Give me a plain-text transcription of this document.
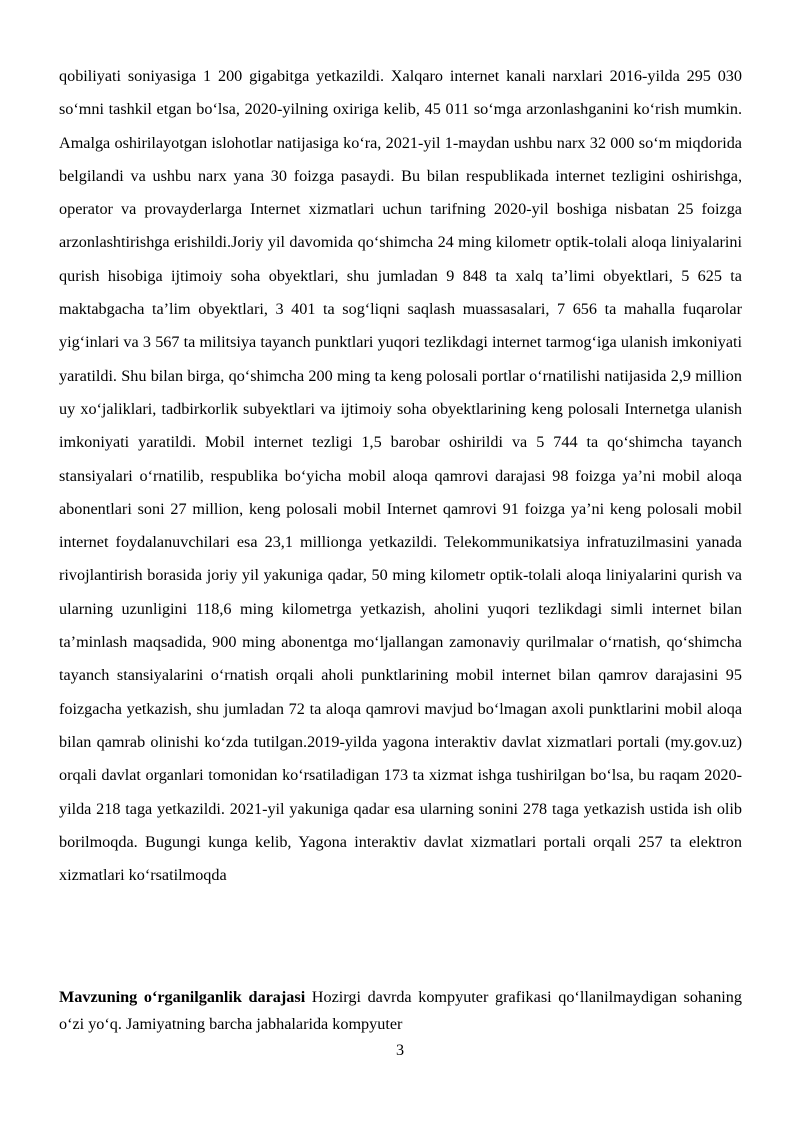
qobiliyati soniyasiga 1 200 gigabitga yetkazildi. Xalqaro internet kanali narxlari 2016-yilda 295 030 so‘mni tashkil etgan bo‘lsa, 2020-yilning oxiriga kelib, 45 011 so‘mga arzonlashganini ko‘rish mumkin. Amalga oshirilayotgan islohotlar natijasiga ko‘ra, 2021-yil 1-maydan ushbu narx 32 000 so‘m miqdorida belgilandi va ushbu narx yana 30 foizga pasaydi. Bu bilan respublikada internet tezligini oshirishga, operator va provayderlarga Internet xizmatlari uchun tarifning 2020-yil boshiga nisbatan 25 foizga arzonlashtirishga erishildi.Joriy yil davomida qo‘shimcha 24 ming kilometr optik-tolali aloqa liniyalarini qurish hisobiga ijtimoiy soha obyektlari, shu jumladan 9 848 ta xalq ta’limi obyektlari, 5 625 ta maktabgacha ta’lim obyektlari, 3 401 ta sog‘liqni saqlash muassasalari, 7 656 ta mahalla fuqarolar yig‘inlari va 3 567 ta militsiya tayanch punktlari yuqori tezlikdagi internet tarmog‘iga ulanish imkoniyati yaratildi. Shu bilan birga, qo‘shimcha 200 ming ta keng polosali portlar o‘rnatilishi natijasida 2,9 million uy xo‘jaliklari, tadbirkorlik subyektlari va ijtimoiy soha obyektlarining keng polosali Internetga ulanish imkoniyati yaratildi. Mobil internet tezligi 1,5 barobar oshirildi va 5 744 ta qo‘shimcha tayanch stansiyalari o‘rnatilib, respublika bo‘yicha mobil aloqa qamrovi darajasi 98 foizga ya’ni mobil aloqa abonentlari soni 27 million, keng polosali mobil Internet qamrovi 91 foizga ya’ni keng polosali mobil internet foydalanuvchilari esa 23,1 millionga yetkazildi. Telekommunikatsiya infratuzilmasini yanada rivojlantirish borasida joriy yil yakuniga qadar, 50 ming kilometr optik-tolali aloqa liniyalarini qurish va ularning uzunligini 118,6 ming kilometrga yetkazish, aholini yuqori tezlikdagi simli internet bilan ta’minlash maqsadida, 900 ming abonentga mo‘ljallangan zamonaviy qurilmalar o‘rnatish, qo‘shimcha tayanch stansiyalarini o‘rnatish orqali aholi punktlarining mobil internet bilan qamrov darajasini 95 foizgacha yetkazish, shu jumladan 72 ta aloqa qamrovi mavjud bo‘lmagan axoli punktlarini mobil aloqa bilan qamrab olinishi ko‘zda tutilgan.2019-yilda yagona interaktiv davlat xizmatlari portali (my.gov.uz) orqali davlat organlari tomonidan ko‘rsatiladigan 173 ta xizmat ishga tushirilgan bo‘lsa, bu raqam 2020-yilda 218 taga yetkazildi. 2021-yil yakuniga qadar esa ularning sonini 278 taga yetkazish ustida ish olib borilmoqda. Bugungi kunga kelib, Yagona interaktiv davlat xizmatlari portali orqali 257 ta elektron xizmatlari ko‘rsatilmoqda

Mavzuning o‘rganilganlik darajasi Hozirgi davrda kompyuter grafikasi qo‘llanilmaydigan sohaning o‘zi yo‘q. Jamiyatning barcha jabhalarida kompyuter

3
